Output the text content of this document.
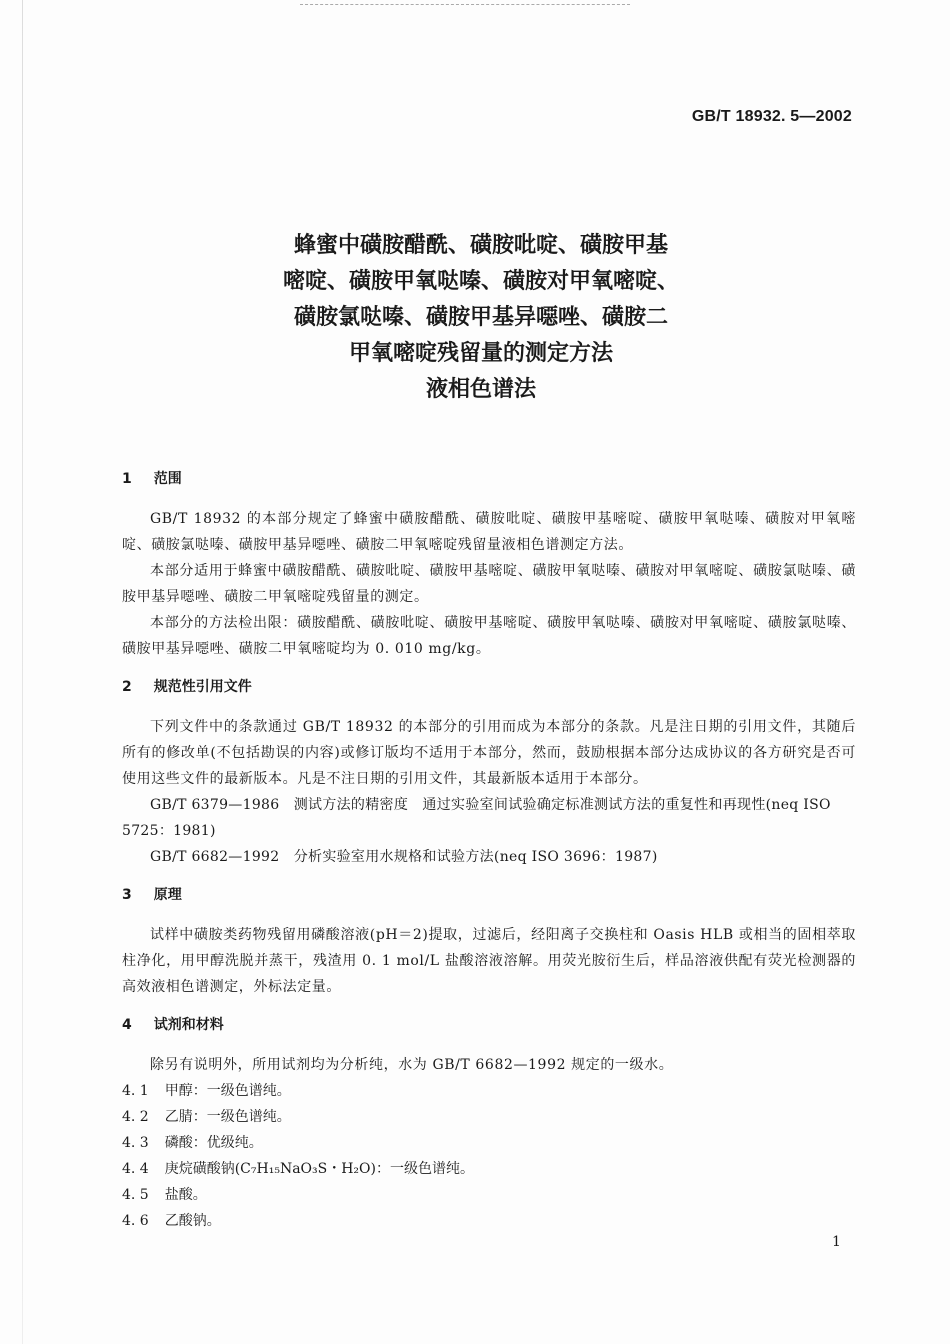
GB/T 18932. 5—2002
蜂蜜中磺胺醋酰、磺胺吡啶、磺胺甲基
嘧啶、磺胺甲氧哒嗪、磺胺对甲氧嘧啶、
磺胺氯哒嗪、磺胺甲基异噁唑、磺胺二
甲氧嘧啶残留量的测定方法
液相色谱法
1 范围

GB/T 18932 的本部分规定了蜂蜜中磺胺醋酰、磺胺吡啶、磺胺甲基嘧啶、磺胺甲氧哒嗪、磺胺对甲氧嘧啶、磺胺氯哒嗪、磺胺甲基异噁唑、磺胺二甲氧嘧啶残留量液相色谱测定方法。

本部分适用于蜂蜜中磺胺醋酰、磺胺吡啶、磺胺甲基嘧啶、磺胺甲氧哒嗪、磺胺对甲氧嘧啶、磺胺氯哒嗪、磺胺甲基异噁唑、磺胺二甲氧嘧啶残留量的测定。

本部分的方法检出限：磺胺醋酰、磺胺吡啶、磺胺甲基嘧啶、磺胺甲氧哒嗪、磺胺对甲氧嘧啶、磺胺氯哒嗪、磺胺甲基异噁唑、磺胺二甲氧嘧啶均为 0. 010 mg/kg。

2 规范性引用文件

下列文件中的条款通过 GB/T 18932 的本部分的引用而成为本部分的条款。凡是注日期的引用文件，其随后所有的修改单(不包括勘误的内容)或修订版均不适用于本部分，然而，鼓励根据本部分达成协议的各方研究是否可使用这些文件的最新版本。凡是不注日期的引用文件，其最新版本适用于本部分。

GB/T 6379—1986　测试方法的精密度　通过实验室间试验确定标准测试方法的重复性和再现性(neq ISO 5725：1981)

GB/T 6682—1992　分析实验室用水规格和试验方法(neq ISO 3696：1987)

3 原理

试样中磺胺类药物残留用磷酸溶液(pH＝2)提取，过滤后，经阳离子交换柱和 Oasis HLB 或相当的固相萃取柱净化，用甲醇洗脱并蒸干，残渣用 0. 1 mol/L 盐酸溶液溶解。用荧光胺衍生后，样品溶液供配有荧光检测器的高效液相色谱测定，外标法定量。

4 试剂和材料

除另有说明外，所用试剂均为分析纯，水为 GB/T 6682—1992 规定的一级水。

4. 1 甲醇：一级色谱纯。
4. 2 乙腈：一级色谱纯。
4. 3 磷酸：优级纯。
4. 4 庚烷磺酸钠(C₇H₁₅NaO₃S・H₂O)：一级色谱纯。
4. 5 盐酸。
4. 6 乙酸钠。
1
